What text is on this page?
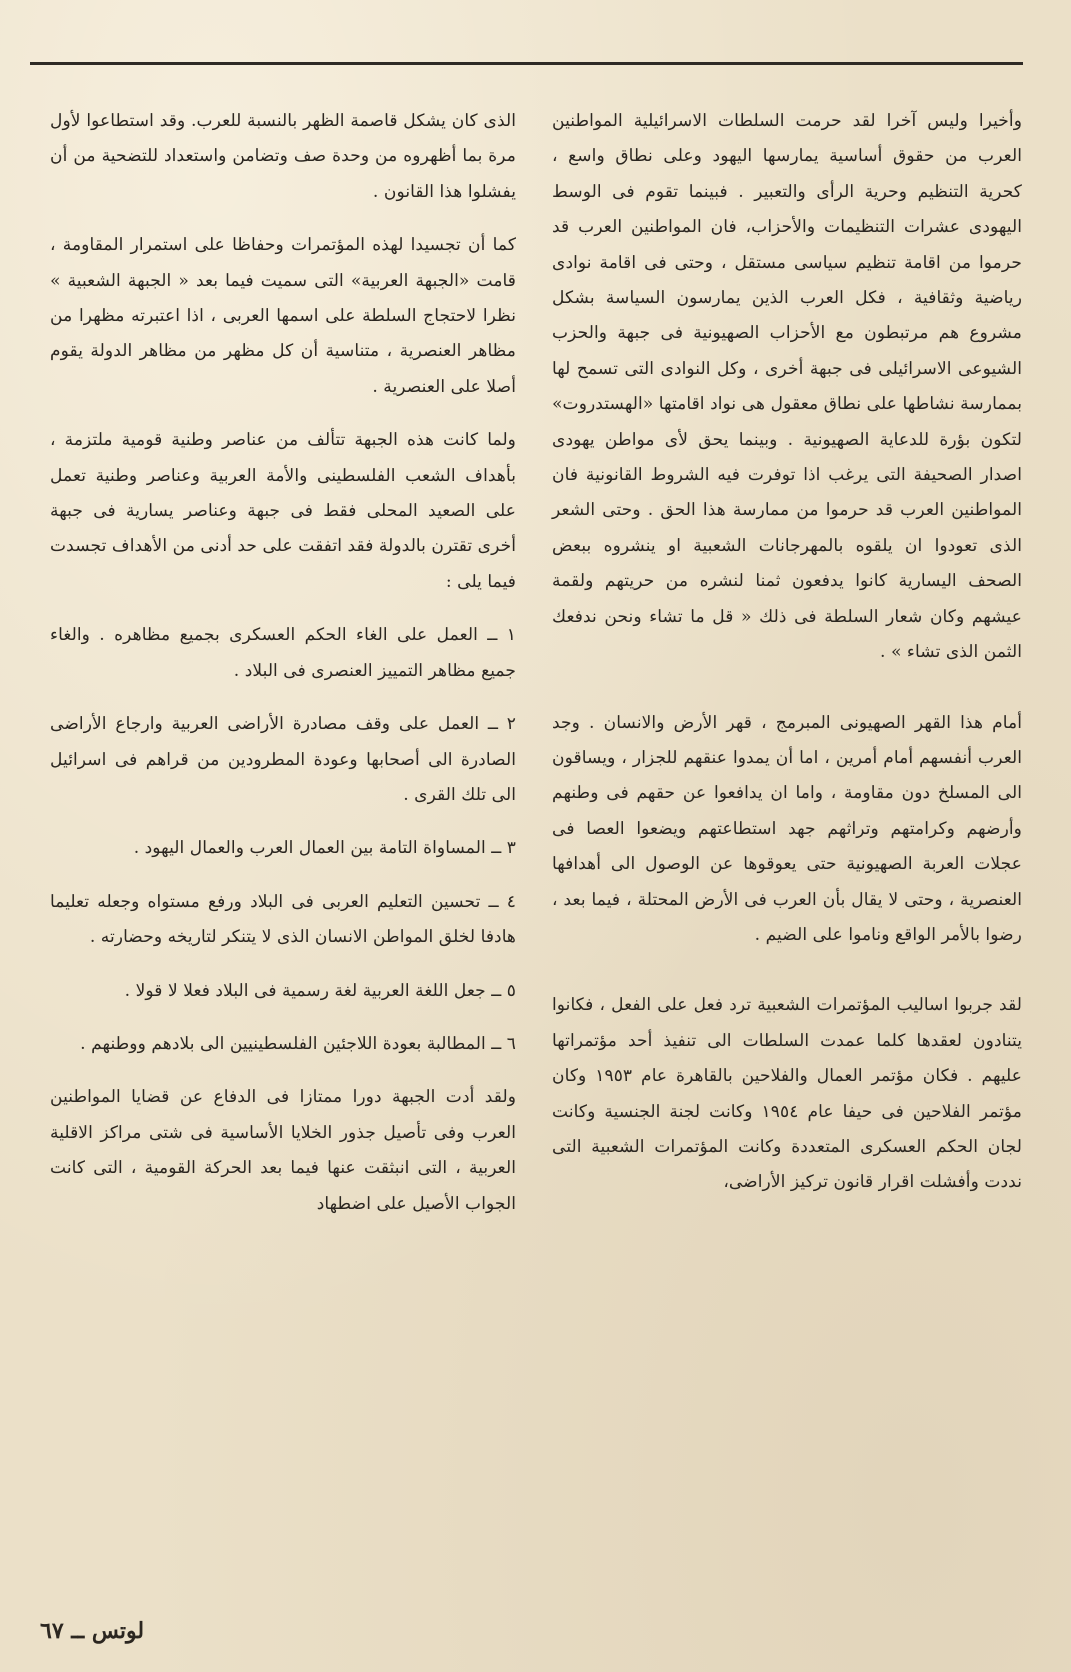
وأخيرا وليس آخرا لقد حرمت السلطات الاسرائيلية المواطنين العرب من حقوق أساسية يمارسها اليهود وعلى نطاق واسع ، كحرية التنظيم وحرية الرأى والتعبير . فبينما تقوم فى الوسط اليهودى عشرات التنظيمات والأحزاب، فان المواطنين العرب قد حرموا من اقامة تنظيم سياسى مستقل ، وحتى فى اقامة نوادى رياضية وثقافية ، فكل العرب الذين يمارسون السياسة بشكل مشروع هم مرتبطون مع الأحزاب الصهيونية فى جبهة والحزب الشيوعى الاسرائيلى فى جبهة أخرى ، وكل النوادى التى تسمح لها بممارسة نشاطها على نطاق معقول هى نواد اقامتها «الهستدروت» لتكون بؤرة للدعاية الصهيونية . وبينما يحق لأى مواطن يهودى اصدار الصحيفة التى يرغب اذا توفرت فيه الشروط القانونية فان المواطنين العرب قد حرموا من ممارسة هذا الحق . وحتى الشعر الذى تعودوا ان يلقوه بالمهرجانات الشعبية او ينشروه ببعض الصحف اليسارية كانوا يدفعون ثمنا لنشره من حريتهم ولقمة عيشهم وكان شعار السلطة فى ذلك « قل ما تشاء ونحن ندفعك الثمن الذى تشاء » .

أمام هذا القهر الصهيونى المبرمج ، قهر الأرض والانسان . وجد العرب أنفسهم أمام أمرين ، اما أن يمدوا عنقهم للجزار ، ويساقون الى المسلخ دون مقاومة ، واما ان يدافعوا عن حقهم فى وطنهم وأرضهم وكرامتهم وتراثهم جهد استطاعتهم ويضعوا العصا فى عجلات العربة الصهيونية حتى يعوقوها عن الوصول الى أهدافها العنصرية ، وحتى لا يقال بأن العرب فى الأرض المحتلة ، فيما بعد ، رضوا بالأمر الواقع وناموا على الضيم .

لقد جربوا اساليب المؤتمرات الشعبية ترد فعل على الفعل ، فكانوا يتنادون لعقدها كلما عمدت السلطات الى تنفيذ أحد مؤتمراتها عليهم . فكان مؤتمر العمال والفلاحين بالقاهرة عام ١٩٥٣ وكان مؤتمر الفلاحين فى حيفا عام ١٩٥٤ وكانت لجنة الجنسية وكانت لجان الحكم العسكرى المتعددة وكانت المؤتمرات الشعبية التى نددت وأفشلت اقرار قانون تركيز الأراضى،

الذى كان يشكل قاصمة الظهر بالنسبة للعرب. وقد استطاعوا لأول مرة بما أظهروه من وحدة صف وتضامن واستعداد للتضحية من أن يفشلوا هذا القانون .

كما أن تجسيدا لهذه المؤتمرات وحفاظا على استمرار المقاومة ، قامت «الجبهة العربية» التى سميت فيما بعد « الجبهة الشعبية » نظرا لاحتجاج السلطة على اسمها العربى ، اذا اعتبرته مظهرا من مظاهر العنصرية ، متناسية أن كل مظهر من مظاهر الدولة يقوم أصلا على العنصرية .

ولما كانت هذه الجبهة تتألف من عناصر وطنية قومية ملتزمة ، بأهداف الشعب الفلسطينى والأمة العربية وعناصر وطنية تعمل على الصعيد المحلى فقط فى جبهة وعناصر يسارية فى جبهة أخرى تقترن بالدولة فقد اتفقت على حد أدنى من الأهداف تجسدت فيما يلى :

١ ــ العمل على الغاء الحكم العسكرى بجميع مظاهره . والغاء جميع مظاهر التمييز العنصرى فى البلاد .

٢ ــ العمل على وقف مصادرة الأراضى العربية وارجاع الأراضى الصادرة الى أصحابها وعودة المطرودين من قراهم فى اسرائيل الى تلك القرى .

٣ ــ المساواة التامة بين العمال العرب والعمال اليهود .

٤ ــ تحسين التعليم العربى فى البلاد ورفع مستواه وجعله تعليما هادفا لخلق المواطن الانسان الذى لا يتنكر لتاريخه وحضارته .

٥ ــ جعل اللغة العربية لغة رسمية فى البلاد فعلا لا قولا .

٦ ــ المطالبة بعودة اللاجئين الفلسطينيين الى بلادهم ووطنهم .

ولقد أدت الجبهة دورا ممتازا فى الدفاع عن قضايا المواطنين العرب وفى تأصيل جذور الخلايا الأساسية فى شتى مراكز الاقلية العربية ، التى انبثقت عنها فيما بعد الحركة القومية ، التى كانت الجواب الأصيل على اضطهاد

لوتس ــ ٦٧
